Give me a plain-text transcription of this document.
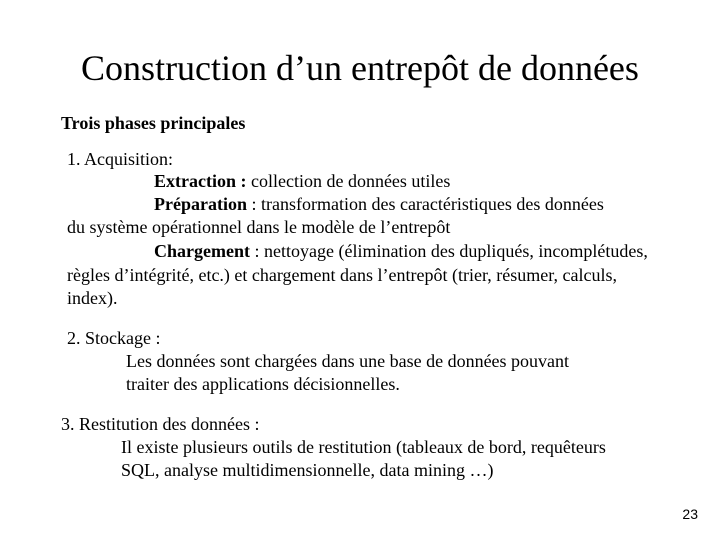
Construction d’un entrepôt de données
Trois phases principales
1. Acquisition:
Extraction : collection de données utiles
Préparation : transformation des caractéristiques des données
du système opérationnel dans le modèle de l’entrepôt
Chargement : nettoyage (élimination des dupliqués, incomplétudes,
règles d’intégrité, etc.) et chargement dans l’entrepôt (trier, résumer, calculs,
index).
2. Stockage :
Les données sont chargées dans une base de données pouvant
traiter des applications décisionnelles.
3. Restitution des données :
Il existe plusieurs outils de restitution (tableaux de bord, requêteurs
SQL, analyse multidimensionnelle, data mining …)
23
